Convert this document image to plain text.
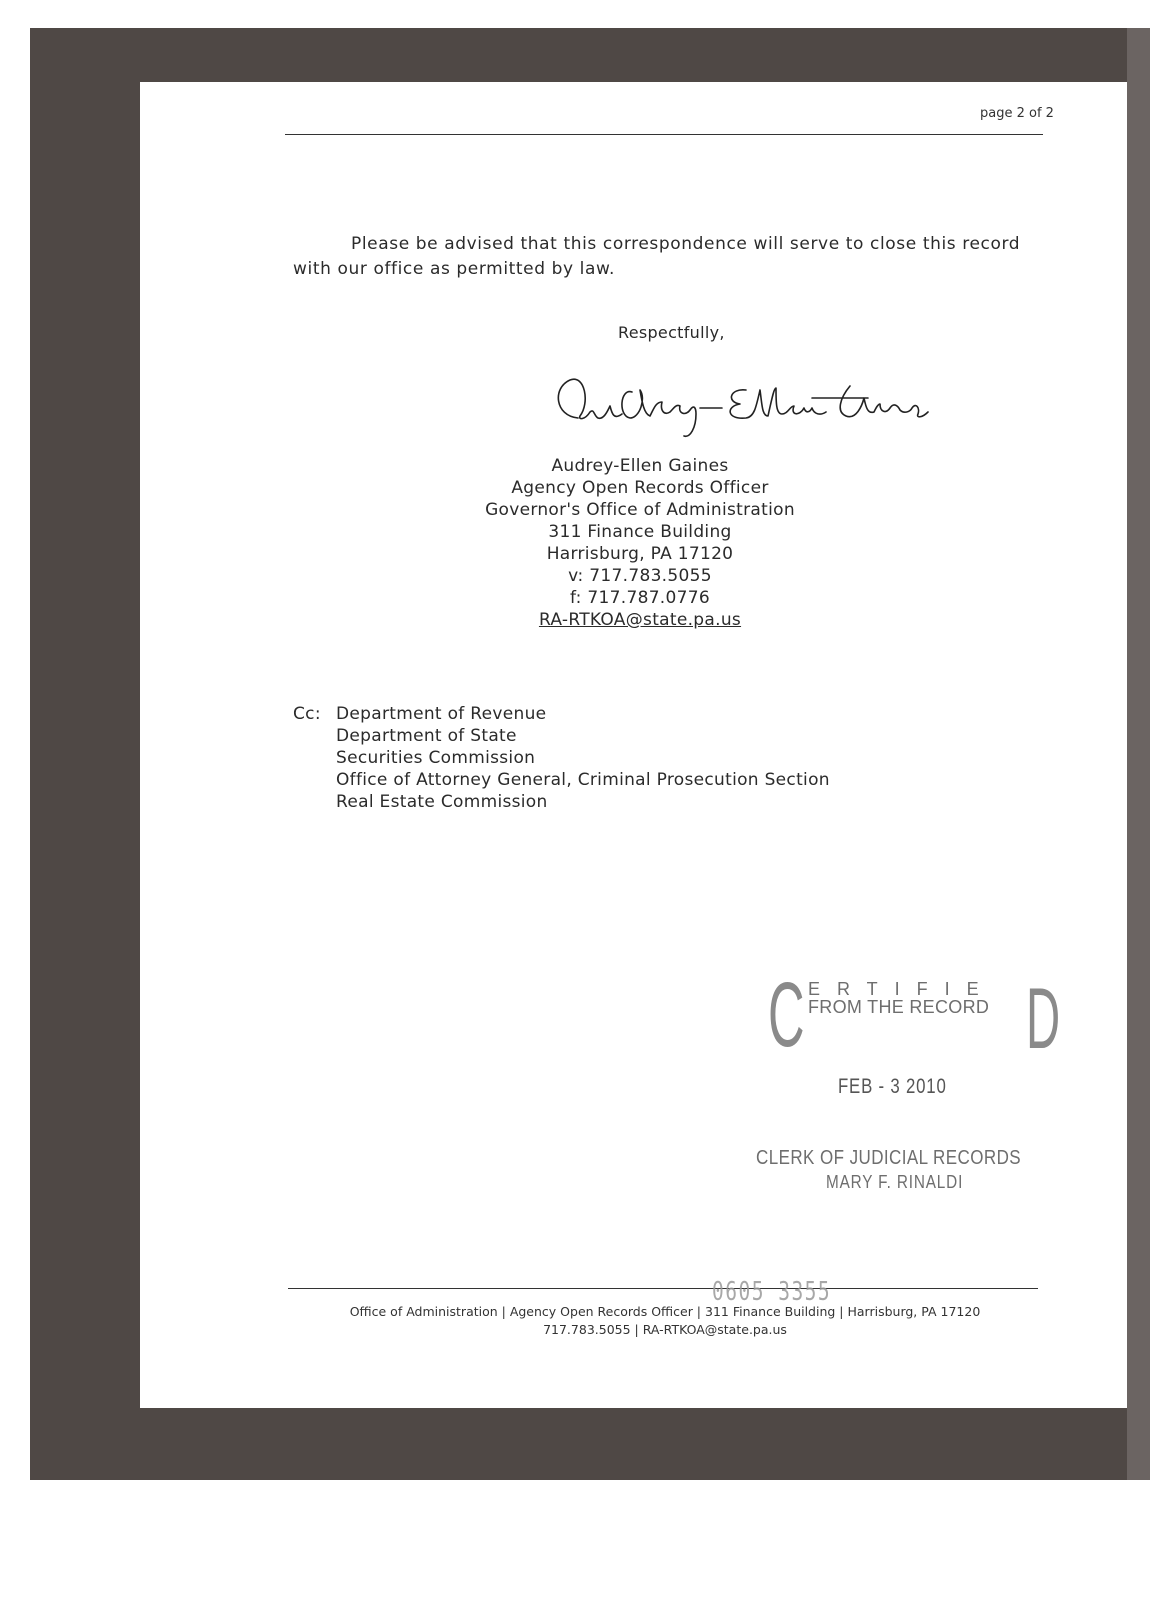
page 2 of 2
Please be advised that this correspondence will serve to close this record with our office as permitted by law.
Respectfully,
Audrey-Ellen Gaines
Agency Open Records Officer
Governor's Office of Administration
311 Finance Building
Harrisburg, PA 17120
v: 717.783.5055
f: 717.787.0776
RA-RTKOA@state.pa.us
Cc: Department of Revenue
Department of State
Securities Commission
Office of Attorney General, Criminal Prosecution Section
Real Estate Commission
C ERTIFIE
FROM THE RECORD D
FEB - 3 2010
CLERK OF JUDICIAL RECORDS
MARY F. RINALDI
Office of Administration | Agency Open Records Officer | 311 Finance Building | Harrisburg, PA 17120
717.783.5055 | RA-RTKOA@state.pa.us
0605 3355
